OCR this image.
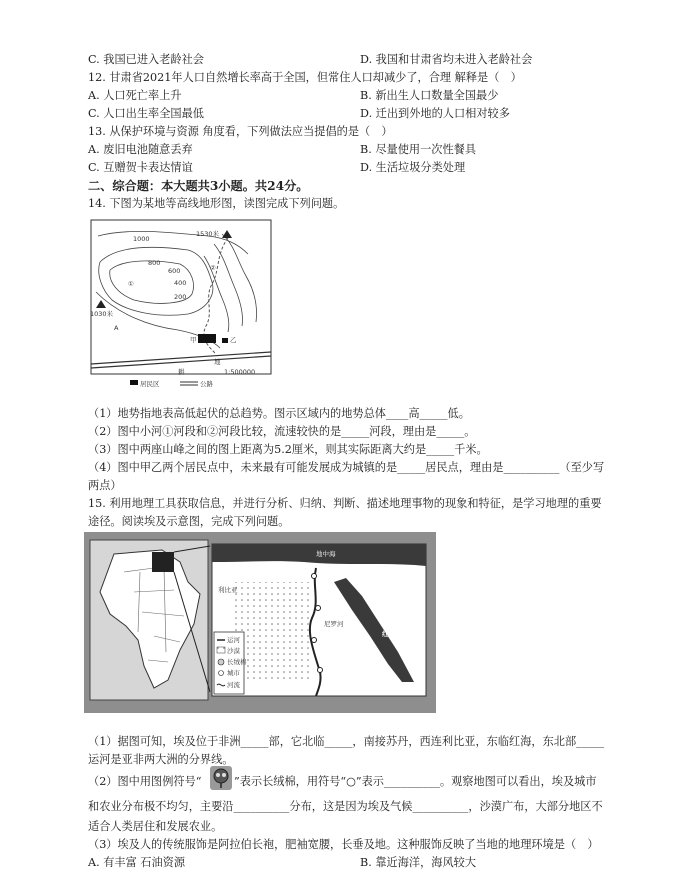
C. 我国已进入老龄社会	D. 我国和甘肃省均未进入老龄社会
12. 甘肃省2021年人口自然增长率高于全国，但常住人口却减少了，合理 解释是（　）
A. 人口死亡率上升	B. 新出生人口数量全国最少
C. 人口出生率全国最低	D. 迁出到外地的人口相对较多
13. 从保护环境与资源 角度看，下列做法应当提倡的是（　）
A. 废旧电池随意丢弃	B. 尽量使用一次性餐具
C. 互赠贺卡表达情谊	D. 生活垃圾分类处理
二、综合题：本大题共3小题。共24分。
14. 下图为某地等高线地形图，读图完成下列问题。
1000
800
600
400
200
1530米
1030米
①
②
甲	乙
A
耕
地
1:500000
居民区	公路
（1）地势指地表高低起伏的总趋势。图示区域内的地势总体____高_____低。
（2）图中小河①河段和②河段比较，流速较快的是_____河段，理由是_____。
（3）图中两座山峰之间的图上距离为5.2厘米，则其实际距离大约是_____千米。
（4）图中甲乙两个居民点中，未来最有可能发展成为城镇的是_____居民点，理由是__________（至少写
两点）
15. 利用地理工具获取信息，并进行分析、归纳、判断、描述地理事物的现象和特征，是学习地理的重要
途径。阅读埃及示意图，完成下列问题。
地中海
红海
利比亚
尼罗河
运河
沙漠
长绒棉
城市
河流
（1）据图可知，埃及位于非洲_____部，它北临_____，南接苏丹，西连利比亚，东临红海，东北部_____
运河是亚非两大洲的分界线。
（2）图中用图例符号“	”表示长绒棉，用符号“○”表示__________。观察地图可以看出，埃及城市
和农业分布极不均匀，主要沿__________分布，这是因为埃及气候__________，沙漠广布，大部分地区不
适合人类居住和发展农业。
（3）埃及人的传统服饰是阿拉伯长袍，肥袖宽腰，长垂及地。这种服饰反映了当地的地理环境是（　）
A. 有丰富 石油资源	B. 靠近海洋，海风较大
